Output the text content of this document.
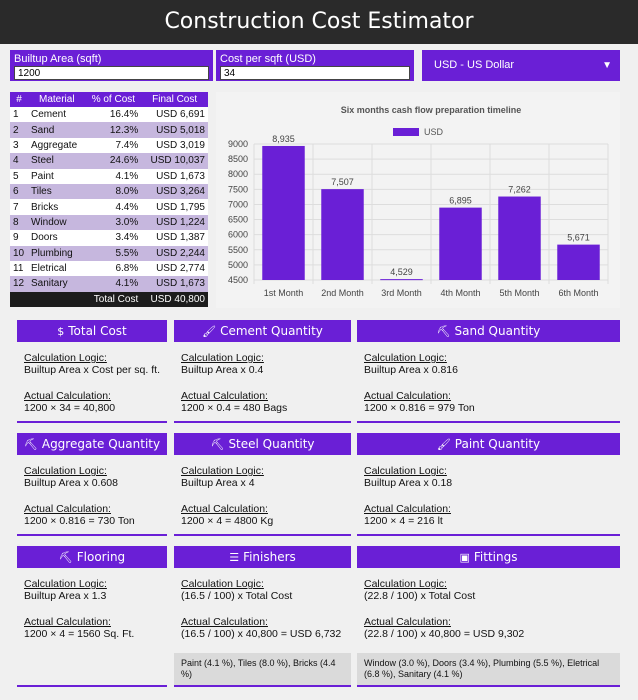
Construction Cost Estimator
Builtup Area (sqft)
1200	Cost per sqft (USD)
34	USD - US Dollar	▼
#	Material	% of Cost	Final Cost
1	Cement	16.4%	USD 6,691
2	Sand	12.3%	USD 5,018
3	Aggregate	7.4%	USD 3,019
4	Steel	24.6%	USD 10,037
5	Paint	4.1%	USD 1,673
6	Tiles	8.0%	USD 3,264
7	Bricks	4.4%	USD 1,795
8	Window	3.0%	USD 1,224
9	Doors	3.4%	USD 1,387
10	Plumbing	5.5%	USD 2,244
11	Eletrical	6.8%	USD 2,774
12	Sanitary	4.1%	USD 1,673
		Total Cost	USD 40,800
Six months cash flow preparation timeline
USD
4500
5000
5500
6000
6500
7000
7500
8000
8500
9000
8,935
1st Month
7,507
2nd Month
4,529
3rd Month
6,895
4th Month
7,262
5th Month
5,671
6th Month
$ Total Cost
Calculation Logic:
Builtup Area x Cost per sq. ft.
Actual Calculation:
1200 × 34 = 40,800
🖌 Cement Quantity
Calculation Logic:
Builtup Area x 0.4
Actual Calculation:
1200 × 0.4 = 480 Bags
⛏ Sand Quantity
Calculation Logic:
Builtup Area x 0.816
Actual Calculation:
1200 × 0.816 = 979 Ton
⛏ Aggregate Quantity
Calculation Logic:
Builtup Area x 0.608
Actual Calculation:
1200 × 0.816 = 730 Ton
⛏ Steel Quantity
Calculation Logic:
Builtup Area x 4
Actual Calculation:
1200 × 4 = 4800 Kg
🖌 Paint Quantity
Calculation Logic:
Builtup Area x 0.18
Actual Calculation:
1200 × 4 = 216 lt
⛏ Flooring
Calculation Logic:
Builtup Area x 1.3
Actual Calculation:
1200 × 4 = 1560 Sq. Ft.
☰ Finishers
Calculation Logic:
(16.5 / 100) x Total Cost
Actual Calculation:
(16.5 / 100) x 40,800 = USD 6,732
Paint (4.1 %), Tiles (8.0 %), Bricks (4.4 %)
▣ Fittings
Calculation Logic:
(22.8 / 100) x Total Cost
Actual Calculation:
(22.8 / 100) x 40,800 = USD 9,302
Window (3.0 %), Doors (3.4 %), Plumbing (5.5 %), Eletrical (6.8 %), Sanitary (4.1 %)
